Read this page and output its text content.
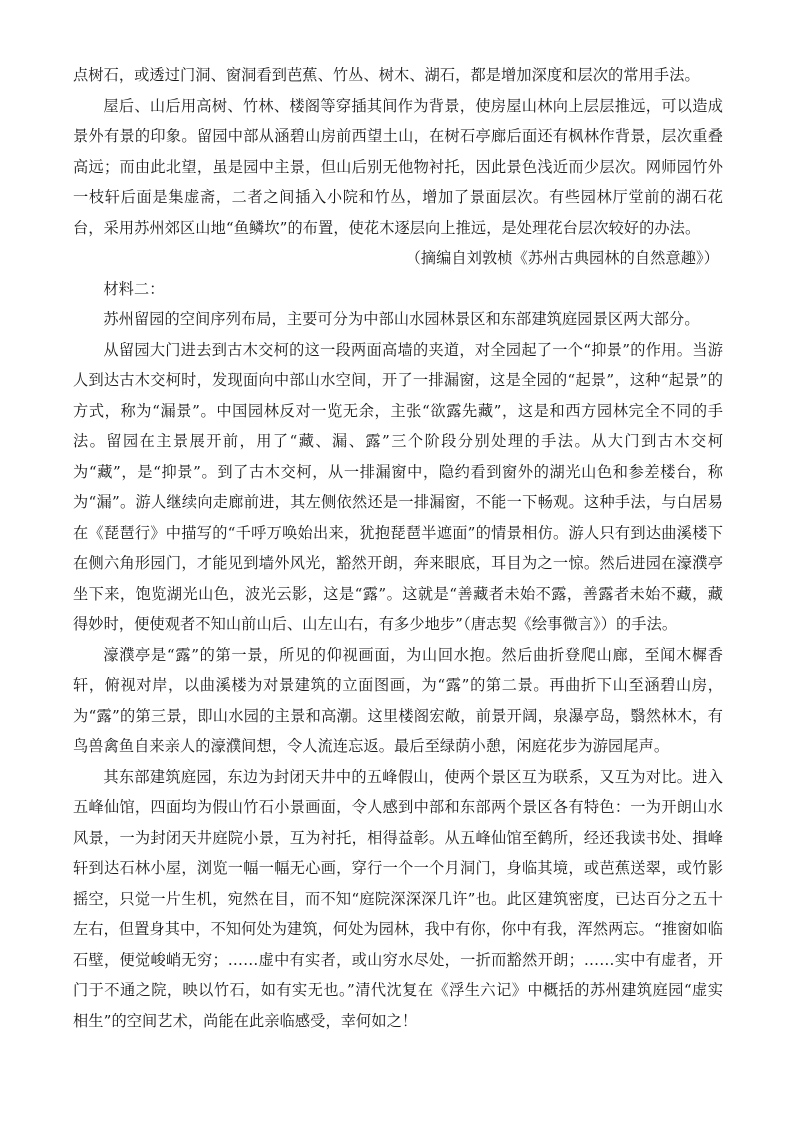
点树石，或透过门洞、窗洞看到芭蕉、竹丛、树木、湖石，都是增加深度和层次的常用手法。

屋后、山后用高树、竹林、楼阁等穿插其间作为背景，使房屋山林向上层层推远，可以造成景外有景的印象。留园中部从涵碧山房前西望土山，在树石亭廊后面还有枫林作背景，层次重叠高远；而由此北望，虽是园中主景，但山后别无他物衬托，因此景色浅近而少层次。网师园竹外一枝轩后面是集虚斋，二者之间插入小院和竹丛，增加了景面层次。有些园林厅堂前的湖石花台，采用苏州郊区山地“鱼鳞坎”的布置，使花木逐层向上推远，是处理花台层次较好的办法。

（摘编自刘敦桢《苏州古典园林的自然意趣》）

材料二：

苏州留园的空间序列布局，主要可分为中部山水园林景区和东部建筑庭园景区两大部分。

从留园大门进去到古木交柯的这一段两面高墙的夹道，对全园起了一个“抑景”的作用。当游人到达古木交柯时，发现面向中部山水空间，开了一排漏窗，这是全园的“起景”，这种“起景”的方式，称为“漏景”。中国园林反对一览无余，主张“欲露先藏”，这是和西方园林完全不同的手法。留园在主景展开前，用了“藏、漏、露”三个阶段分别处理的手法。从大门到古木交柯为“藏”，是“抑景”。到了古木交柯，从一排漏窗中，隐约看到窗外的湖光山色和参差楼台，称为“漏”。游人继续向走廊前进，其左侧依然还是一排漏窗，不能一下畅观。这种手法，与白居易在《琵琶行》中描写的“千呼万唤始出来，犹抱琵琶半遮面”的情景相仿。游人只有到达曲溪楼下在侧六角形园门，才能见到墙外风光，豁然开朗，奔来眼底，耳目为之一惊。然后进园在濠濮亭坐下来，饱览湖光山色，波光云影，这是“露”。这就是“善藏者未始不露，善露者未始不藏，藏得妙时，便使观者不知山前山后、山左山右，有多少地步”（唐志契《绘事微言》）的手法。

濠濮亭是“露”的第一景，所见的仰视画面，为山回水抱。然后曲折登爬山廊，至闻木樨香轩，俯视对岸，以曲溪楼为对景建筑的立面图画，为“露”的第二景。再曲折下山至涵碧山房，为“露”的第三景，即山水园的主景和高潮。这里楼阁宏敞，前景开阔，泉瀑亭岛，翳然林木，有鸟兽禽鱼自来亲人的濠濮间想，令人流连忘返。最后至绿荫小憩，闲庭花步为游园尾声。

其东部建筑庭园，东边为封闭天井中的五峰假山，使两个景区互为联系，又互为对比。进入五峰仙馆，四面均为假山竹石小景画面，令人感到中部和东部两个景区各有特色：一为开朗山水风景，一为封闭天井庭院小景，互为衬托，相得益彰。从五峰仙馆至鹤所，经还我读书处、揖峰轩到达石林小屋，浏览一幅一幅无心画，穿行一个一个月洞门，身临其境，或芭蕉送翠，或竹影摇空，只觉一片生机，宛然在目，而不知“庭院深深深几许”也。此区建筑密度，已达百分之五十左右，但置身其中，不知何处为建筑，何处为园林，我中有你，你中有我，浑然两忘。“推窗如临石壁，便觉峻峭无穷；……虚中有实者，或山穷水尽处，一折而豁然开朗；……实中有虚者，开门于不通之院，映以竹石，如有实无也。”清代沈复在《浮生六记》中概括的苏州建筑庭园“虚实相生”的空间艺术，尚能在此亲临感受，幸何如之！
